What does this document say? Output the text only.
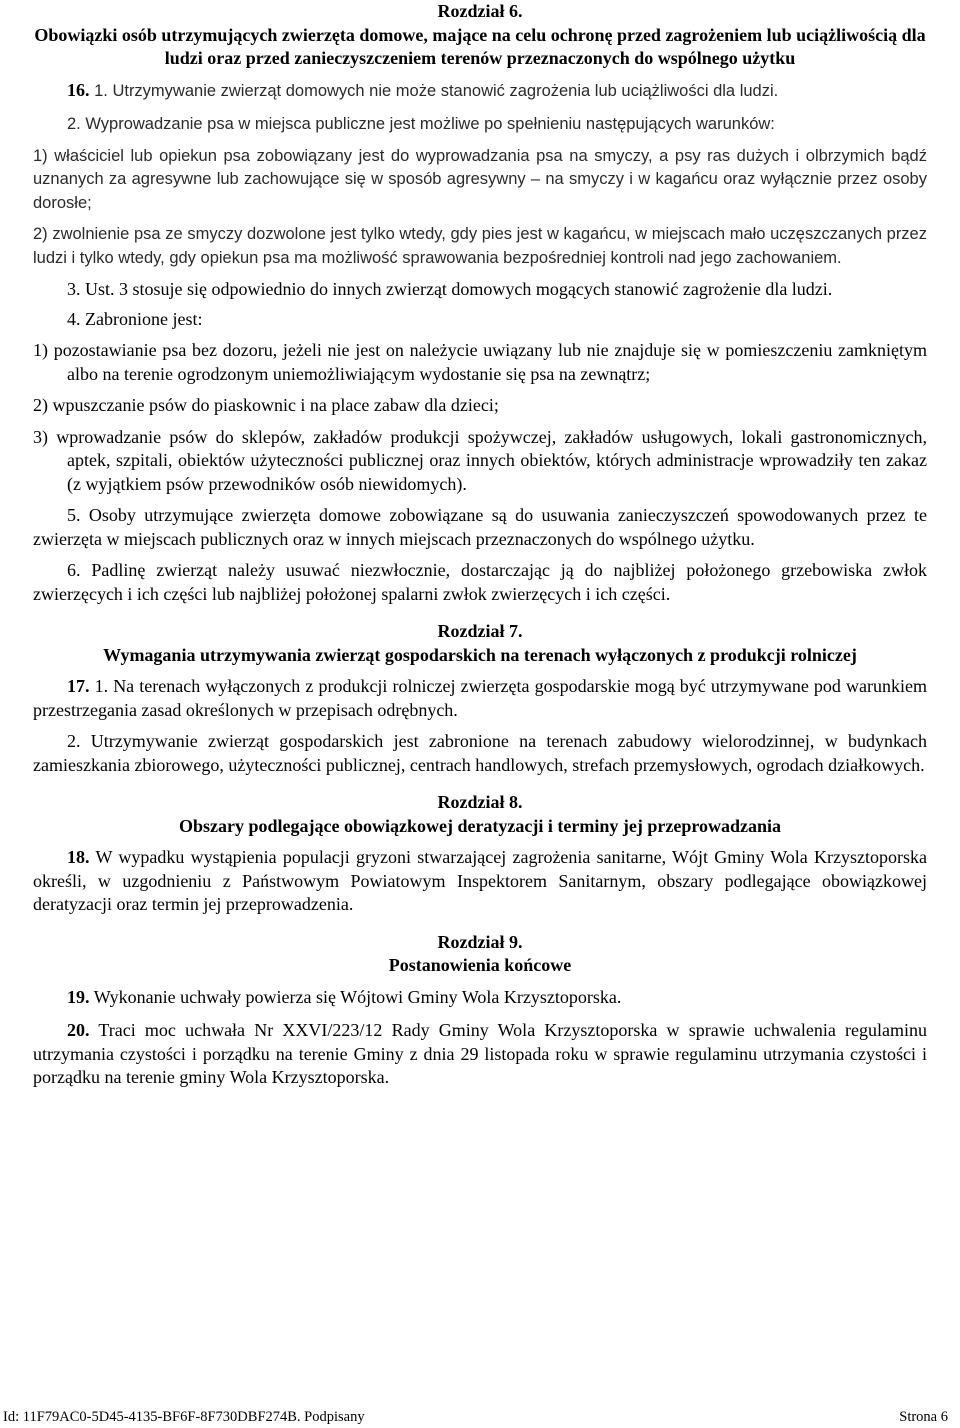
Rozdział 6.
Obowiązki osób utrzymujących zwierzęta domowe, mające na celu ochronę przed zagrożeniem lub uciążliwością dla ludzi oraz przed zanieczyszczeniem terenów przeznaczonych do wspólnego użytku
16. 1. Utrzymywanie zwierząt domowych nie może stanowić zagrożenia lub uciążliwości dla ludzi.
2. Wyprowadzanie psa w miejsca publiczne jest możliwe po spełnieniu następujących warunków:
1) właściciel lub opiekun psa zobowiązany jest do wyprowadzania psa na smyczy, a psy ras dużych i olbrzymich bądź uznanych za agresywne lub zachowujące się w sposób agresywny – na smyczy i w kagańcu oraz wyłącznie przez osoby dorosłe;
2) zwolnienie psa ze smyczy dozwolone jest tylko wtedy, gdy pies jest w kagańcu, w miejscach mało uczęszczanych przez ludzi i tylko wtedy, gdy opiekun psa ma możliwość sprawowania bezpośredniej kontroli nad jego zachowaniem.
3. Ust. 3 stosuje się odpowiednio do innych zwierząt domowych mogących stanowić zagrożenie dla ludzi.
4. Zabronione jest:
1) pozostawianie psa bez dozoru, jeżeli nie jest on należycie uwiązany lub nie znajduje się w pomieszczeniu zamkniętym albo na terenie ogrodzonym uniemożliwiającym wydostanie się psa na zewnątrz;
2) wpuszczanie psów do piaskownic i na place zabaw dla dzieci;
3) wprowadzanie psów do sklepów, zakładów produkcji spożywczej, zakładów usługowych, lokali gastronomicznych, aptek, szpitali, obiektów użyteczności publicznej oraz innych obiektów, których administracje wprowadziły ten zakaz (z wyjątkiem psów przewodników osób niewidomych).
5. Osoby utrzymujące zwierzęta domowe zobowiązane są do usuwania zanieczyszczeń spowodowanych przez te zwierzęta w miejscach publicznych oraz w innych miejscach przeznaczonych do wspólnego użytku.
6. Padlinę zwierząt należy usuwać niezwłocznie, dostarczając ją do najbliżej położonego grzebowiska zwłok zwierzęcych i ich części lub najbliżej położonej spalarni zwłok zwierzęcych i ich części.
Rozdział 7.
Wymagania utrzymywania zwierząt gospodarskich na terenach wyłączonych z produkcji rolniczej
17. 1. Na terenach wyłączonych z produkcji rolniczej zwierzęta gospodarskie mogą być utrzymywane pod warunkiem przestrzegania zasad określonych w przepisach odrębnych.
2. Utrzymywanie zwierząt gospodarskich jest zabronione na terenach zabudowy wielorodzinnej, w budynkach zamieszkania zbiorowego, użyteczności publicznej, centrach handlowych, strefach przemysłowych, ogrodach działkowych.
Rozdział 8.
Obszary podlegające obowiązkowej deratyzacji i terminy jej przeprowadzania
18. W wypadku wystąpienia populacji gryzoni stwarzającej zagrożenia sanitarne, Wójt Gminy Wola Krzysztoporska określi, w uzgodnieniu z Państwowym Powiatowym Inspektorem Sanitarnym, obszary podlegające obowiązkowej deratyzacji oraz termin jej przeprowadzenia.
Rozdział 9.
Postanowienia końcowe
19. Wykonanie uchwały powierza się Wójtowi Gminy Wola Krzysztoporska.
20. Traci moc uchwała Nr XXVI/223/12 Rady Gminy Wola Krzysztoporska w sprawie uchwalenia regulaminu utrzymania czystości i porządku na terenie Gminy z dnia 29 listopada roku w sprawie regulaminu utrzymania czystości i porządku na terenie gminy Wola Krzysztoporska.
Id: 11F79AC0-5D45-4135-BF6F-8F730DBF274B. Podpisany	Strona 6
